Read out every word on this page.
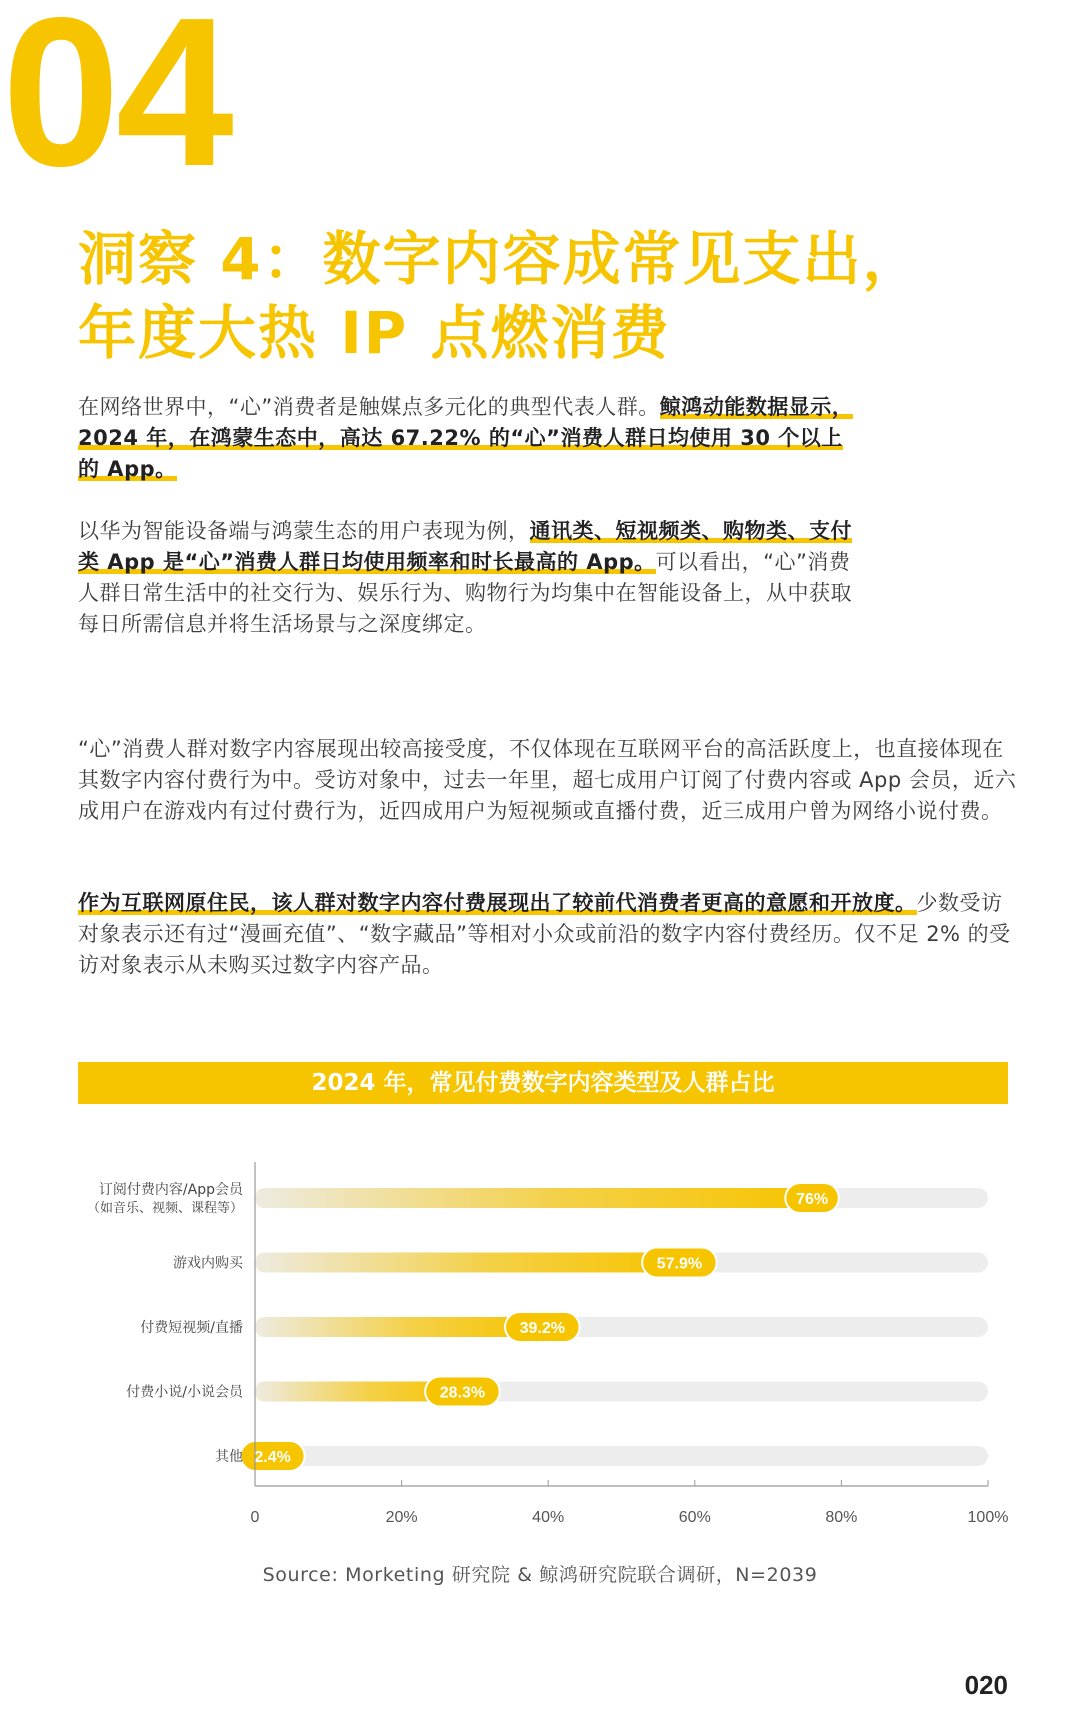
04
洞察 4：数字内容成常见支出，
年度大热 IP 点燃消费

在网络世界中，“心”消费者是触媒点多元化的典型代表人群。鲸鸿动能数据显示，2024 年，在鸿蒙生态中，高达 67.22% 的“心”消费人群日均使用 30 个以上的 App。

以华为智能设备端与鸿蒙生态的用户表现为例，通讯类、短视频类、购物类、支付类 App 是“心”消费人群日均使用频率和时长最高的 App。可以看出，“心”消费人群日常生活中的社交行为、娱乐行为、购物行为均集中在智能设备上，从中获取每日所需信息并将生活场景与之深度绑定。

“心”消费人群对数字内容展现出较高接受度，不仅体现在互联网平台的高活跃度上，也直接体现在其数字内容付费行为中。受访对象中，过去一年里，超七成用户订阅了付费内容或 App 会员，近六成用户在游戏内有过付费行为，近四成用户为短视频或直播付费，近三成用户曾为网络小说付费。

作为互联网原住民，该人群对数字内容付费展现出了较前代消费者更高的意愿和开放度。少数受访对象表示还有过“漫画充值”、“数字藏品”等相对小众或前沿的数字内容付费经历。仅不足 2% 的受访对象表示从未购买过数字内容产品。

2024 年，常见付费数字内容类型及人群占比
76%
订阅付费内容/App会员
（如音乐、视频、课程等）
57.9%
游戏内购买
39.2%
付费短视频/直播
28.3%
付费小说/小说会员
2.4%
其他
0	20%	40%	60%	80%	100%
Source: Morketing 研究院 & 鲸鸿研究院联合调研，N=2039
020
